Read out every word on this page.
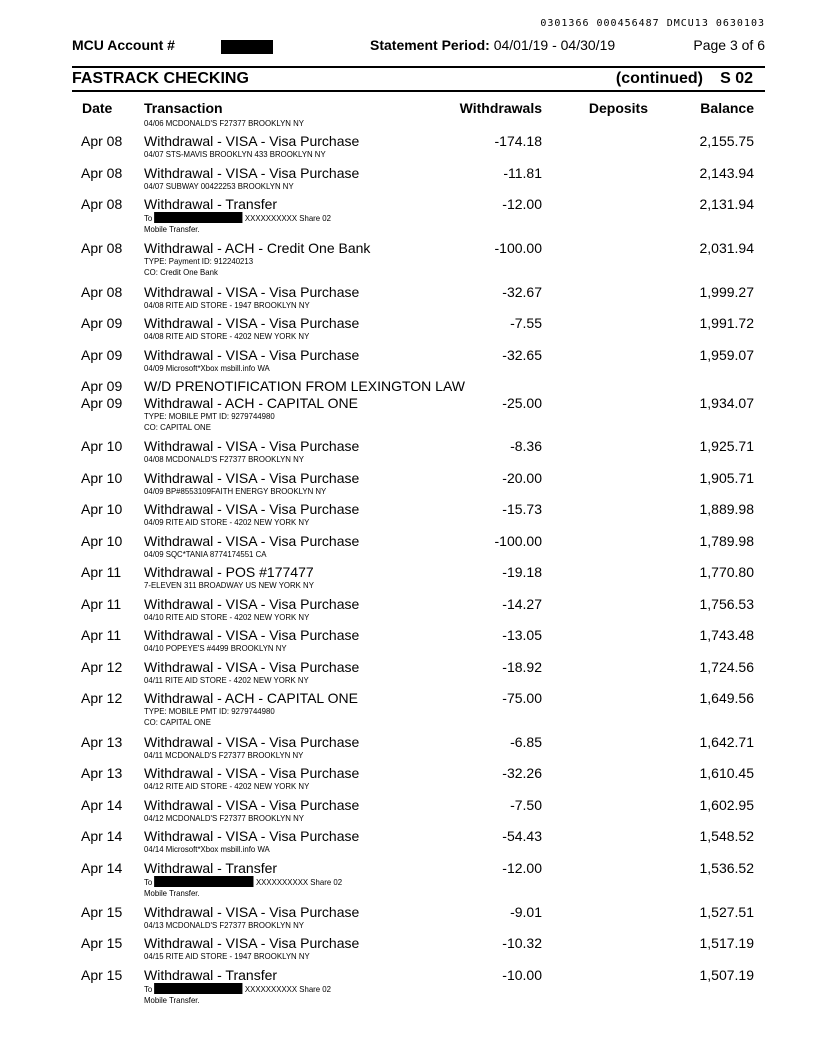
0301366 000456487 DMCU13 0630103
MCU Account #	Statement Period: 04/01/19 - 04/30/19	Page 3 of 6
FASTRACK CHECKING	(continued) S 02
Date Transaction	Withdrawals	Deposits	Balance
04/06 MCDONALD'S F27377 BROOKLYN NY
Apr 08 Withdrawal - VISA - Visa Purchase	-174.18	2,155.75
04/07 STS-MAVIS BROOKLYN 433 BROOKLYN NY
Apr 08 Withdrawal - VISA - Visa Purchase	-11.81	2,143.94
04/07 SUBWAY 00422253 BROOKLYN NY
Apr 08 Withdrawal - Transfer	-12.00	2,131.94
To	XXXXXXXXXX Share 02
Mobile Transfer.
Apr 08 Withdrawal - ACH - Credit One Bank	-100.00	2,031.94
TYPE: Payment ID: 912240213
CO: Credit One Bank
Apr 08 Withdrawal - VISA - Visa Purchase	-32.67	1,999.27
04/08 RITE AID STORE - 1947 BROOKLYN NY
Apr 09 Withdrawal - VISA - Visa Purchase	-7.55	1,991.72
04/08 RITE AID STORE - 4202 NEW YORK NY
Apr 09 Withdrawal - VISA - Visa Purchase	-32.65	1,959.07
04/09 Microsoft*Xbox msbill.info WA
Apr 09 W/D PRENOTIFICATION FROM LEXINGTON LAW
Apr 09 Withdrawal - ACH - CAPITAL ONE	-25.00	1,934.07
TYPE: MOBILE PMT ID: 9279744980
CO: CAPITAL ONE
Apr 10 Withdrawal - VISA - Visa Purchase	-8.36	1,925.71
04/08 MCDONALD'S F27377 BROOKLYN NY
Apr 10 Withdrawal - VISA - Visa Purchase	-20.00	1,905.71
04/09 BP#8553109FAITH ENERGY BROOKLYN NY
Apr 10 Withdrawal - VISA - Visa Purchase	-15.73	1,889.98
04/09 RITE AID STORE - 4202 NEW YORK NY
Apr 10 Withdrawal - VISA - Visa Purchase	-100.00	1,789.98
04/09 SQC*TANIA 8774174551 CA
Apr 11 Withdrawal - POS #177477	-19.18	1,770.80
7-ELEVEN 311 BROADWAY US NEW YORK NY
Apr 11 Withdrawal - VISA - Visa Purchase	-14.27	1,756.53
04/10 RITE AID STORE - 4202 NEW YORK NY
Apr 11 Withdrawal - VISA - Visa Purchase	-13.05	1,743.48
04/10 POPEYE'S #4499 BROOKLYN NY
Apr 12 Withdrawal - VISA - Visa Purchase	-18.92	1,724.56
04/11 RITE AID STORE - 4202 NEW YORK NY
Apr 12 Withdrawal - ACH - CAPITAL ONE	-75.00	1,649.56
TYPE: MOBILE PMT ID: 9279744980
CO: CAPITAL ONE
Apr 13 Withdrawal - VISA - Visa Purchase	-6.85	1,642.71
04/11 MCDONALD'S F27377 BROOKLYN NY
Apr 13 Withdrawal - VISA - Visa Purchase	-32.26	1,610.45
04/12 RITE AID STORE - 4202 NEW YORK NY
Apr 14 Withdrawal - VISA - Visa Purchase	-7.50	1,602.95
04/12 MCDONALD'S F27377 BROOKLYN NY
Apr 14 Withdrawal - VISA - Visa Purchase	-54.43	1,548.52
04/14 Microsoft*Xbox msbill.info WA
Apr 14 Withdrawal - Transfer	-12.00	1,536.52
To	XXXXXXXXXX Share 02
Mobile Transfer.
Apr 15 Withdrawal - VISA - Visa Purchase	-9.01	1,527.51
04/13 MCDONALD'S F27377 BROOKLYN NY
Apr 15 Withdrawal - VISA - Visa Purchase	-10.32	1,517.19
04/15 RITE AID STORE - 1947 BROOKLYN NY
Apr 15 Withdrawal - Transfer	-10.00	1,507.19
To	XXXXXXXXXX Share 02
Mobile Transfer.
